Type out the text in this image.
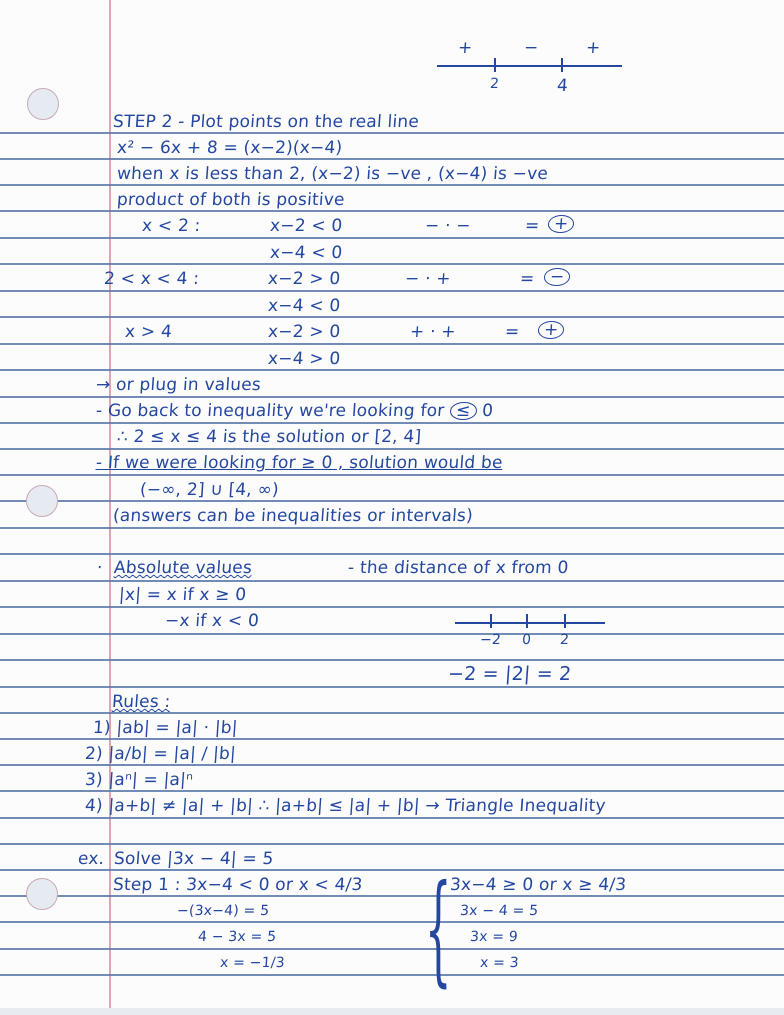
+	−	+
2	4
STEP 2 - Plot points on the real line
x² − 6x + 8 = (x−2)(x−4)
when x is less than 2, (x−2) is −ve , (x−4) is −ve
product of both is positive
x < 2 :	x−2 < 0	− · −	= +
x−4 < 0
2 < x < 4 :	x−2 > 0	− · +	= −
x−4 < 0
x > 4	x−2 > 0	+ · +	=	+
x−4 > 0
→ or plug in values
- Go back to inequality we're looking for ≤ 0
∴ 2 ≤ x ≤ 4 is the solution or [2, 4]
- If we were looking for ≥ 0 , solution would be
(−∞, 2] ∪ [4, ∞)
(answers can be inequalities or intervals)
· Absolute values	- the distance of x from 0
|x| = x if x ≥ 0
−x if x < 0
−2 0 2
−2 = |2| = 2
Rules :
1) |ab| = |a| · |b|
2) |a/b| = |a| / |b|
3) |aⁿ| = |a|ⁿ
4) |a+b| ≠ |a| + |b| ∴ |a+b| ≤ |a| + |b| → Triangle Inequality
ex. Solve |3x − 4| = 5
Step 1 : 3x−4 < 0 or x < 4/3
−(3x−4) = 5
4 − 3x = 5
x = −1/3 {
3x−4 ≥ 0 or x ≥ 4/3
3x − 4 = 5
3x = 9
x = 3
